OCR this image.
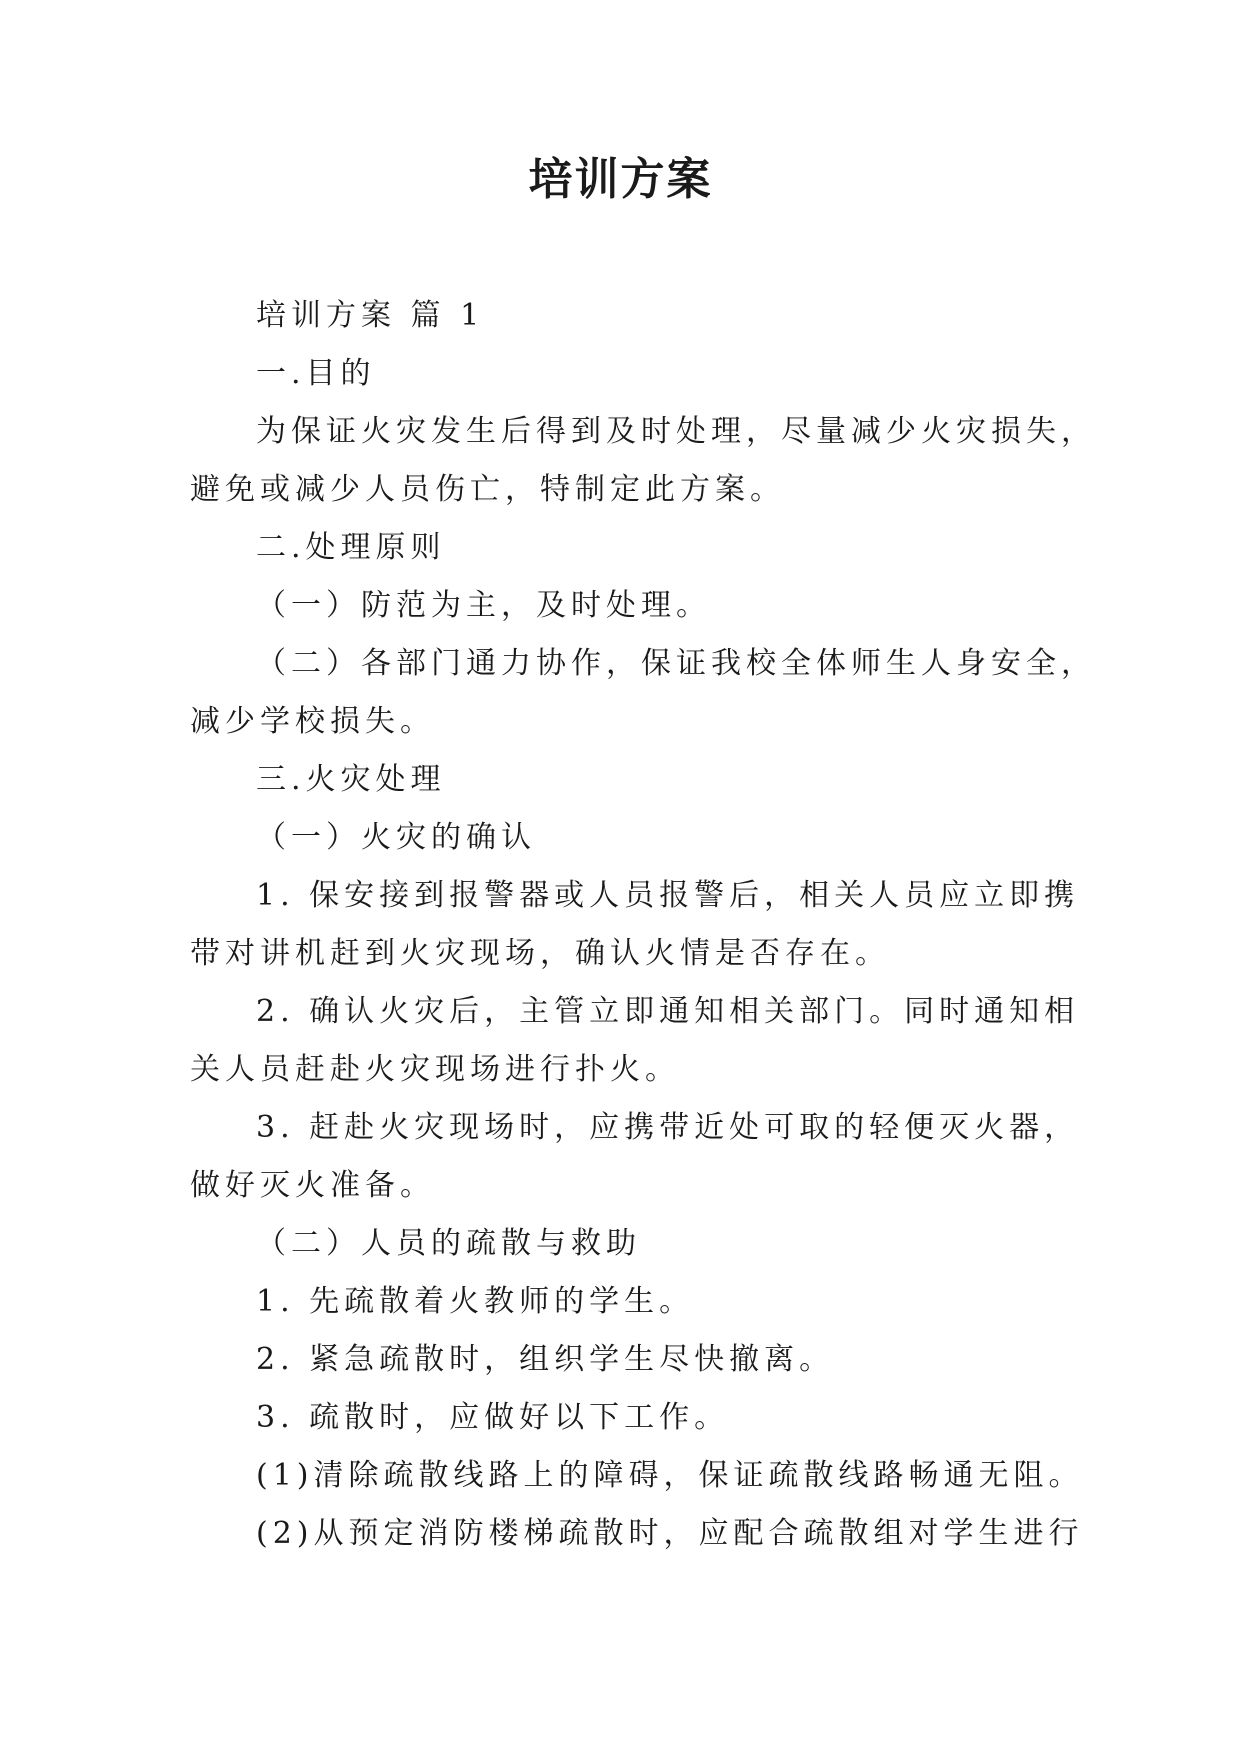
培训方案

培训方案 篇 1

一.目的

为保证火灾发生后得到及时处理，尽量减少火灾损失，
避免或减少人员伤亡，特制定此方案。

二.处理原则

（一）防范为主，及时处理。

（二）各部门通力协作，保证我校全体师生人身安全，
减少学校损失。

三.火灾处理

（一）火灾的确认

1. 保安接到报警器或人员报警后，相关人员应立即携
带对讲机赶到火灾现场，确认火情是否存在。

2. 确认火灾后，主管立即通知相关部门。同时通知相
关人员赶赴火灾现场进行扑火。

3. 赶赴火灾现场时，应携带近处可取的轻便灭火器，
做好灭火准备。

（二）人员的疏散与救助

1. 先疏散着火教师的学生。

2. 紧急疏散时，组织学生尽快撤离。

3. 疏散时，应做好以下工作。

(1)清除疏散线路上的障碍，保证疏散线路畅通无阻。

(2)从预定消防楼梯疏散时，应配合疏散组对学生进行
